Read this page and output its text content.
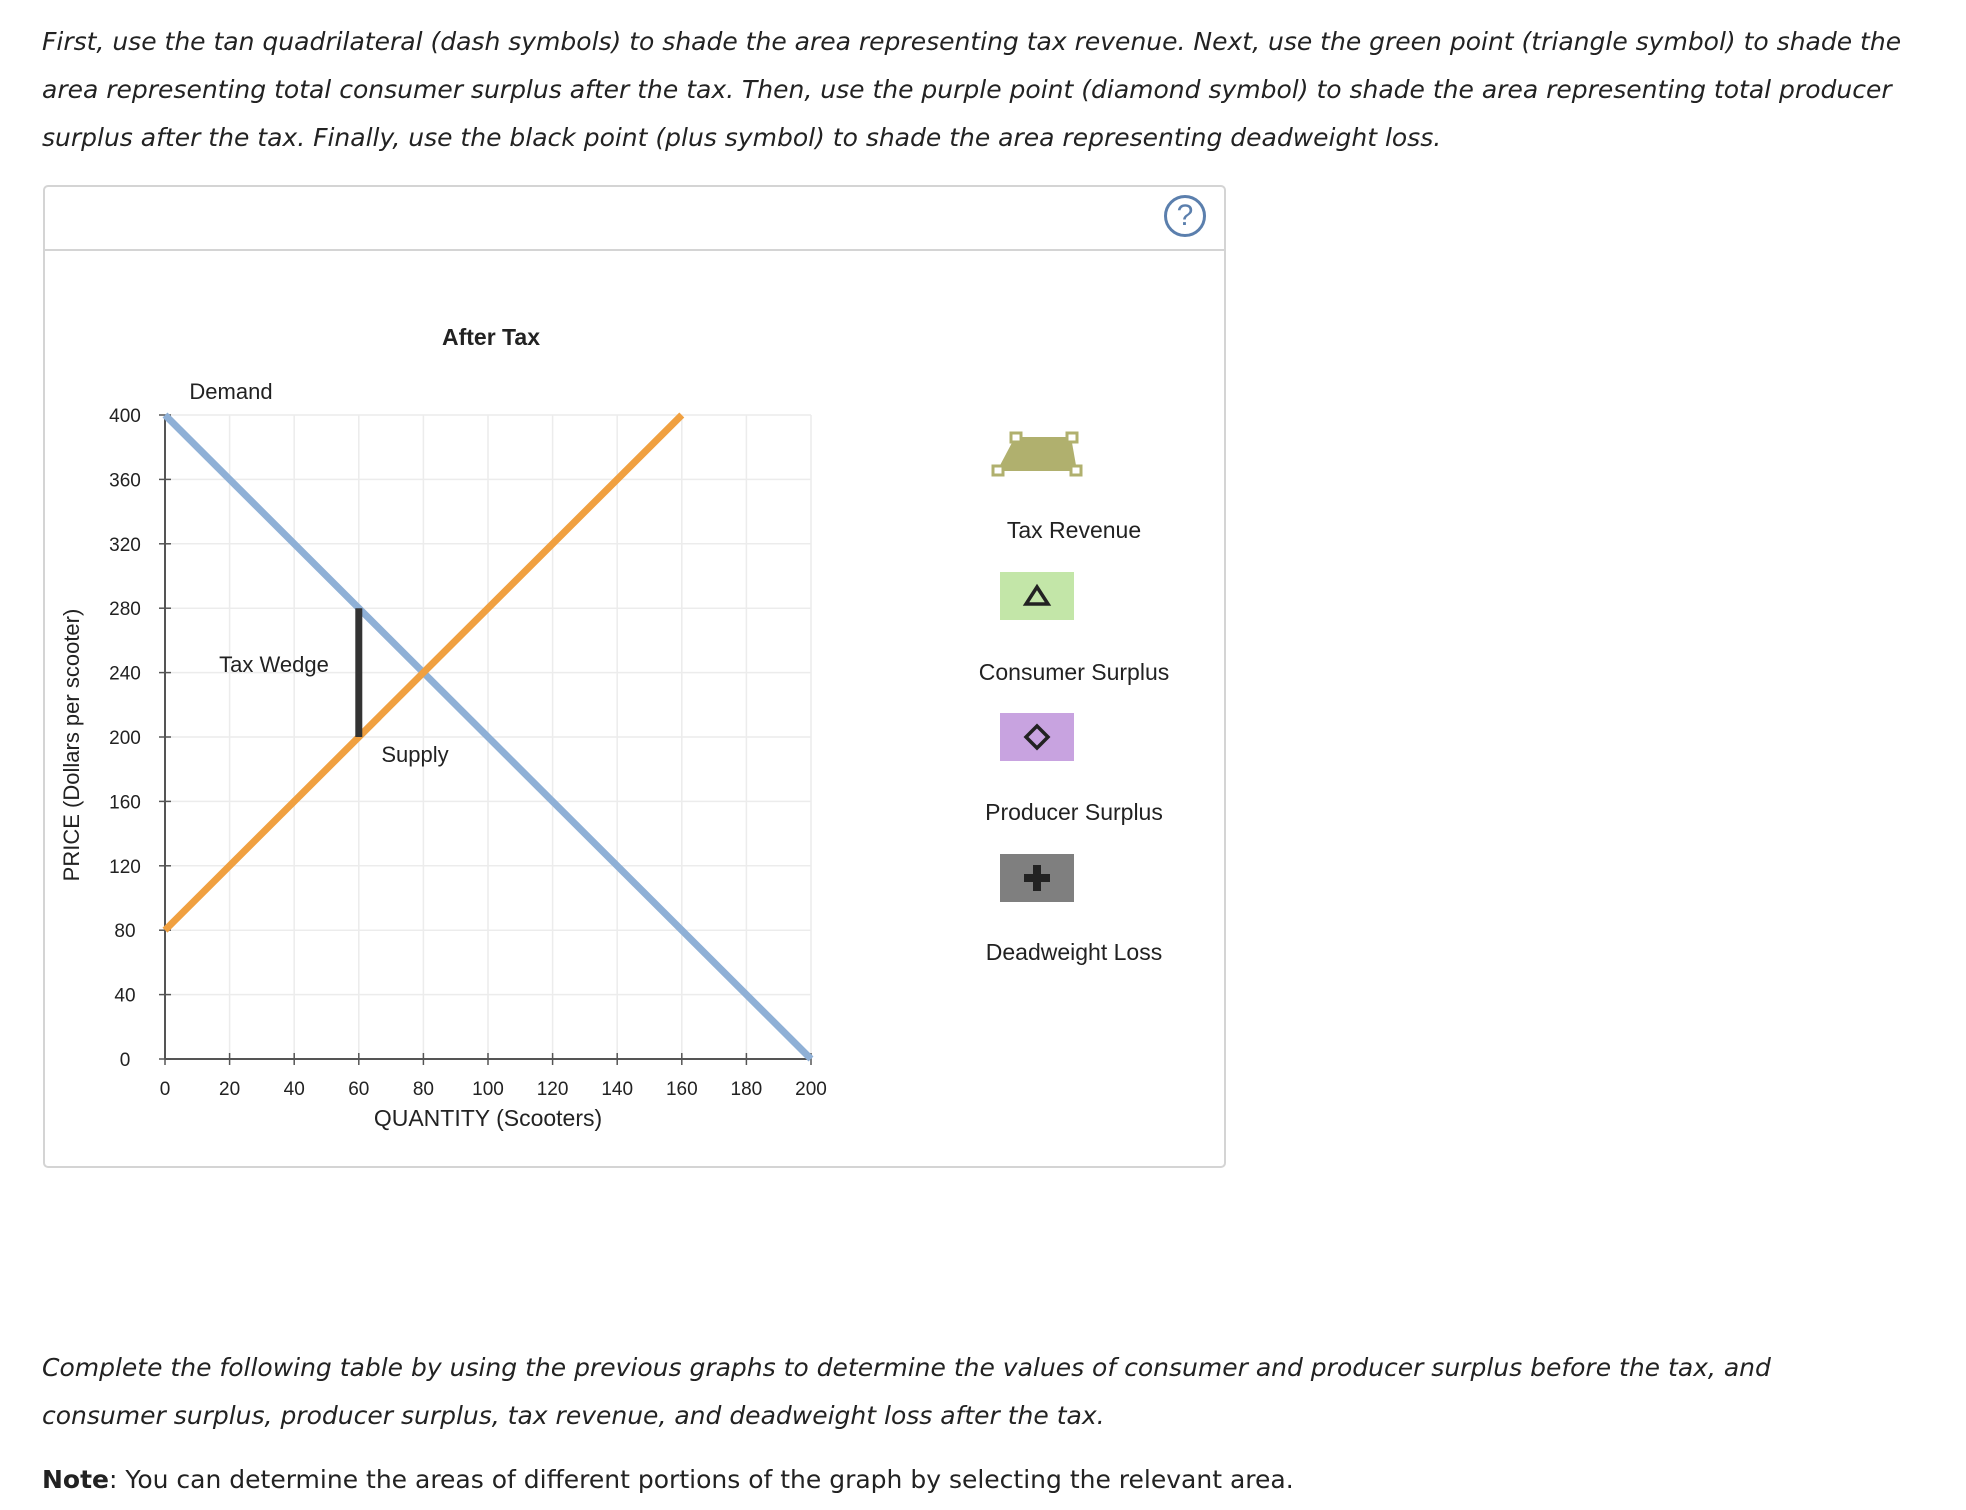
First, use the tan quadrilateral (dash symbols) to shade the area representing tax revenue. Next, use the green point (triangle symbol) to shade the area representing total consumer surplus after the tax. Then, use the purple point (diamond symbol) to shade the area representing total producer surplus after the tax. Finally, use the black point (plus symbol) to shade the area representing deadweight loss.

?
0	20 40 60 80 100 120 140 160 180 200
0
40
80
120
160
200
240
280
320
360
400
After Tax
QUANTITY (Scooters)
PRICE (Dollars per scooter)
Demand
Supply
Tax Wedge
Tax Revenue
Consumer Surplus
Producer Surplus
Deadweight Loss

Complete the following table by using the previous graphs to determine the values of consumer and producer surplus before the tax, and consumer surplus, producer surplus, tax revenue, and deadweight loss after the tax.

Note: You can determine the areas of different portions of the graph by selecting the relevant area.
